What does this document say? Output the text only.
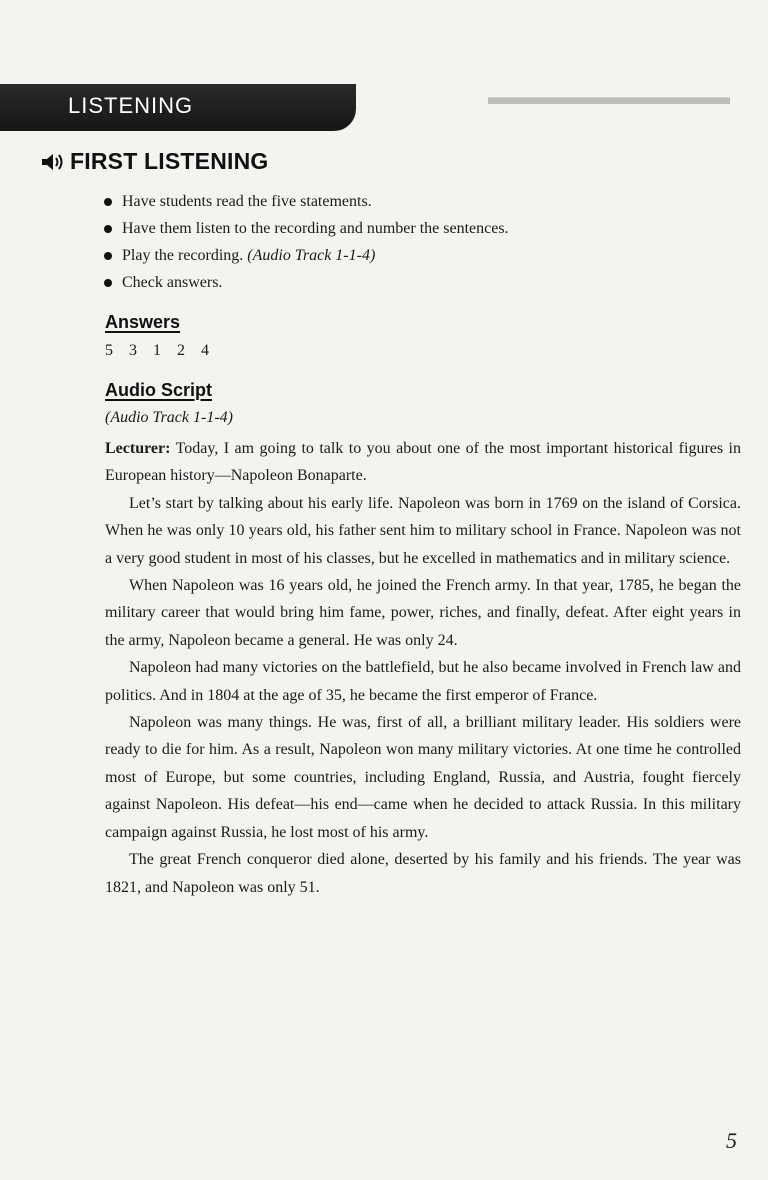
▬▬▬▬▬▬▬▬▬▬▬
LISTENING
FIRST LISTENING
Have students read the five statements.
Have them listen to the recording and number the sentences.
Play the recording. (Audio Track 1-1-4)
Check answers.
Answers
5	3	1	2	4
Audio Script
(Audio Track 1-1-4)

Lecturer: Today, I am going to talk to you about one of the most important historical figures in European history—Napoleon Bonaparte.

Let’s start by talking about his early life. Napoleon was born in 1769 on the island of Corsica. When he was only 10 years old, his father sent him to military school in France. Napoleon was not a very good student in most of his classes, but he excelled in mathematics and in military science.

When Napoleon was 16 years old, he joined the French army. In that year, 1785, he began the military career that would bring him fame, power, riches, and finally, defeat. After eight years in the army, Napoleon became a general. He was only 24.

Napoleon had many victories on the battlefield, but he also became involved in French law and politics. And in 1804 at the age of 35, he became the first emperor of France.

Napoleon was many things. He was, first of all, a brilliant military leader. His soldiers were ready to die for him. As a result, Napoleon won many military victories. At one time he controlled most of Europe, but some countries, including England, Russia, and Austria, fought fiercely against Napoleon. His defeat—his end—came when he decided to attack Russia. In this military campaign against Russia, he lost most of his army.

The great French conqueror died alone, deserted by his family and his friends. The year was 1821, and Napoleon was only 51.

5
